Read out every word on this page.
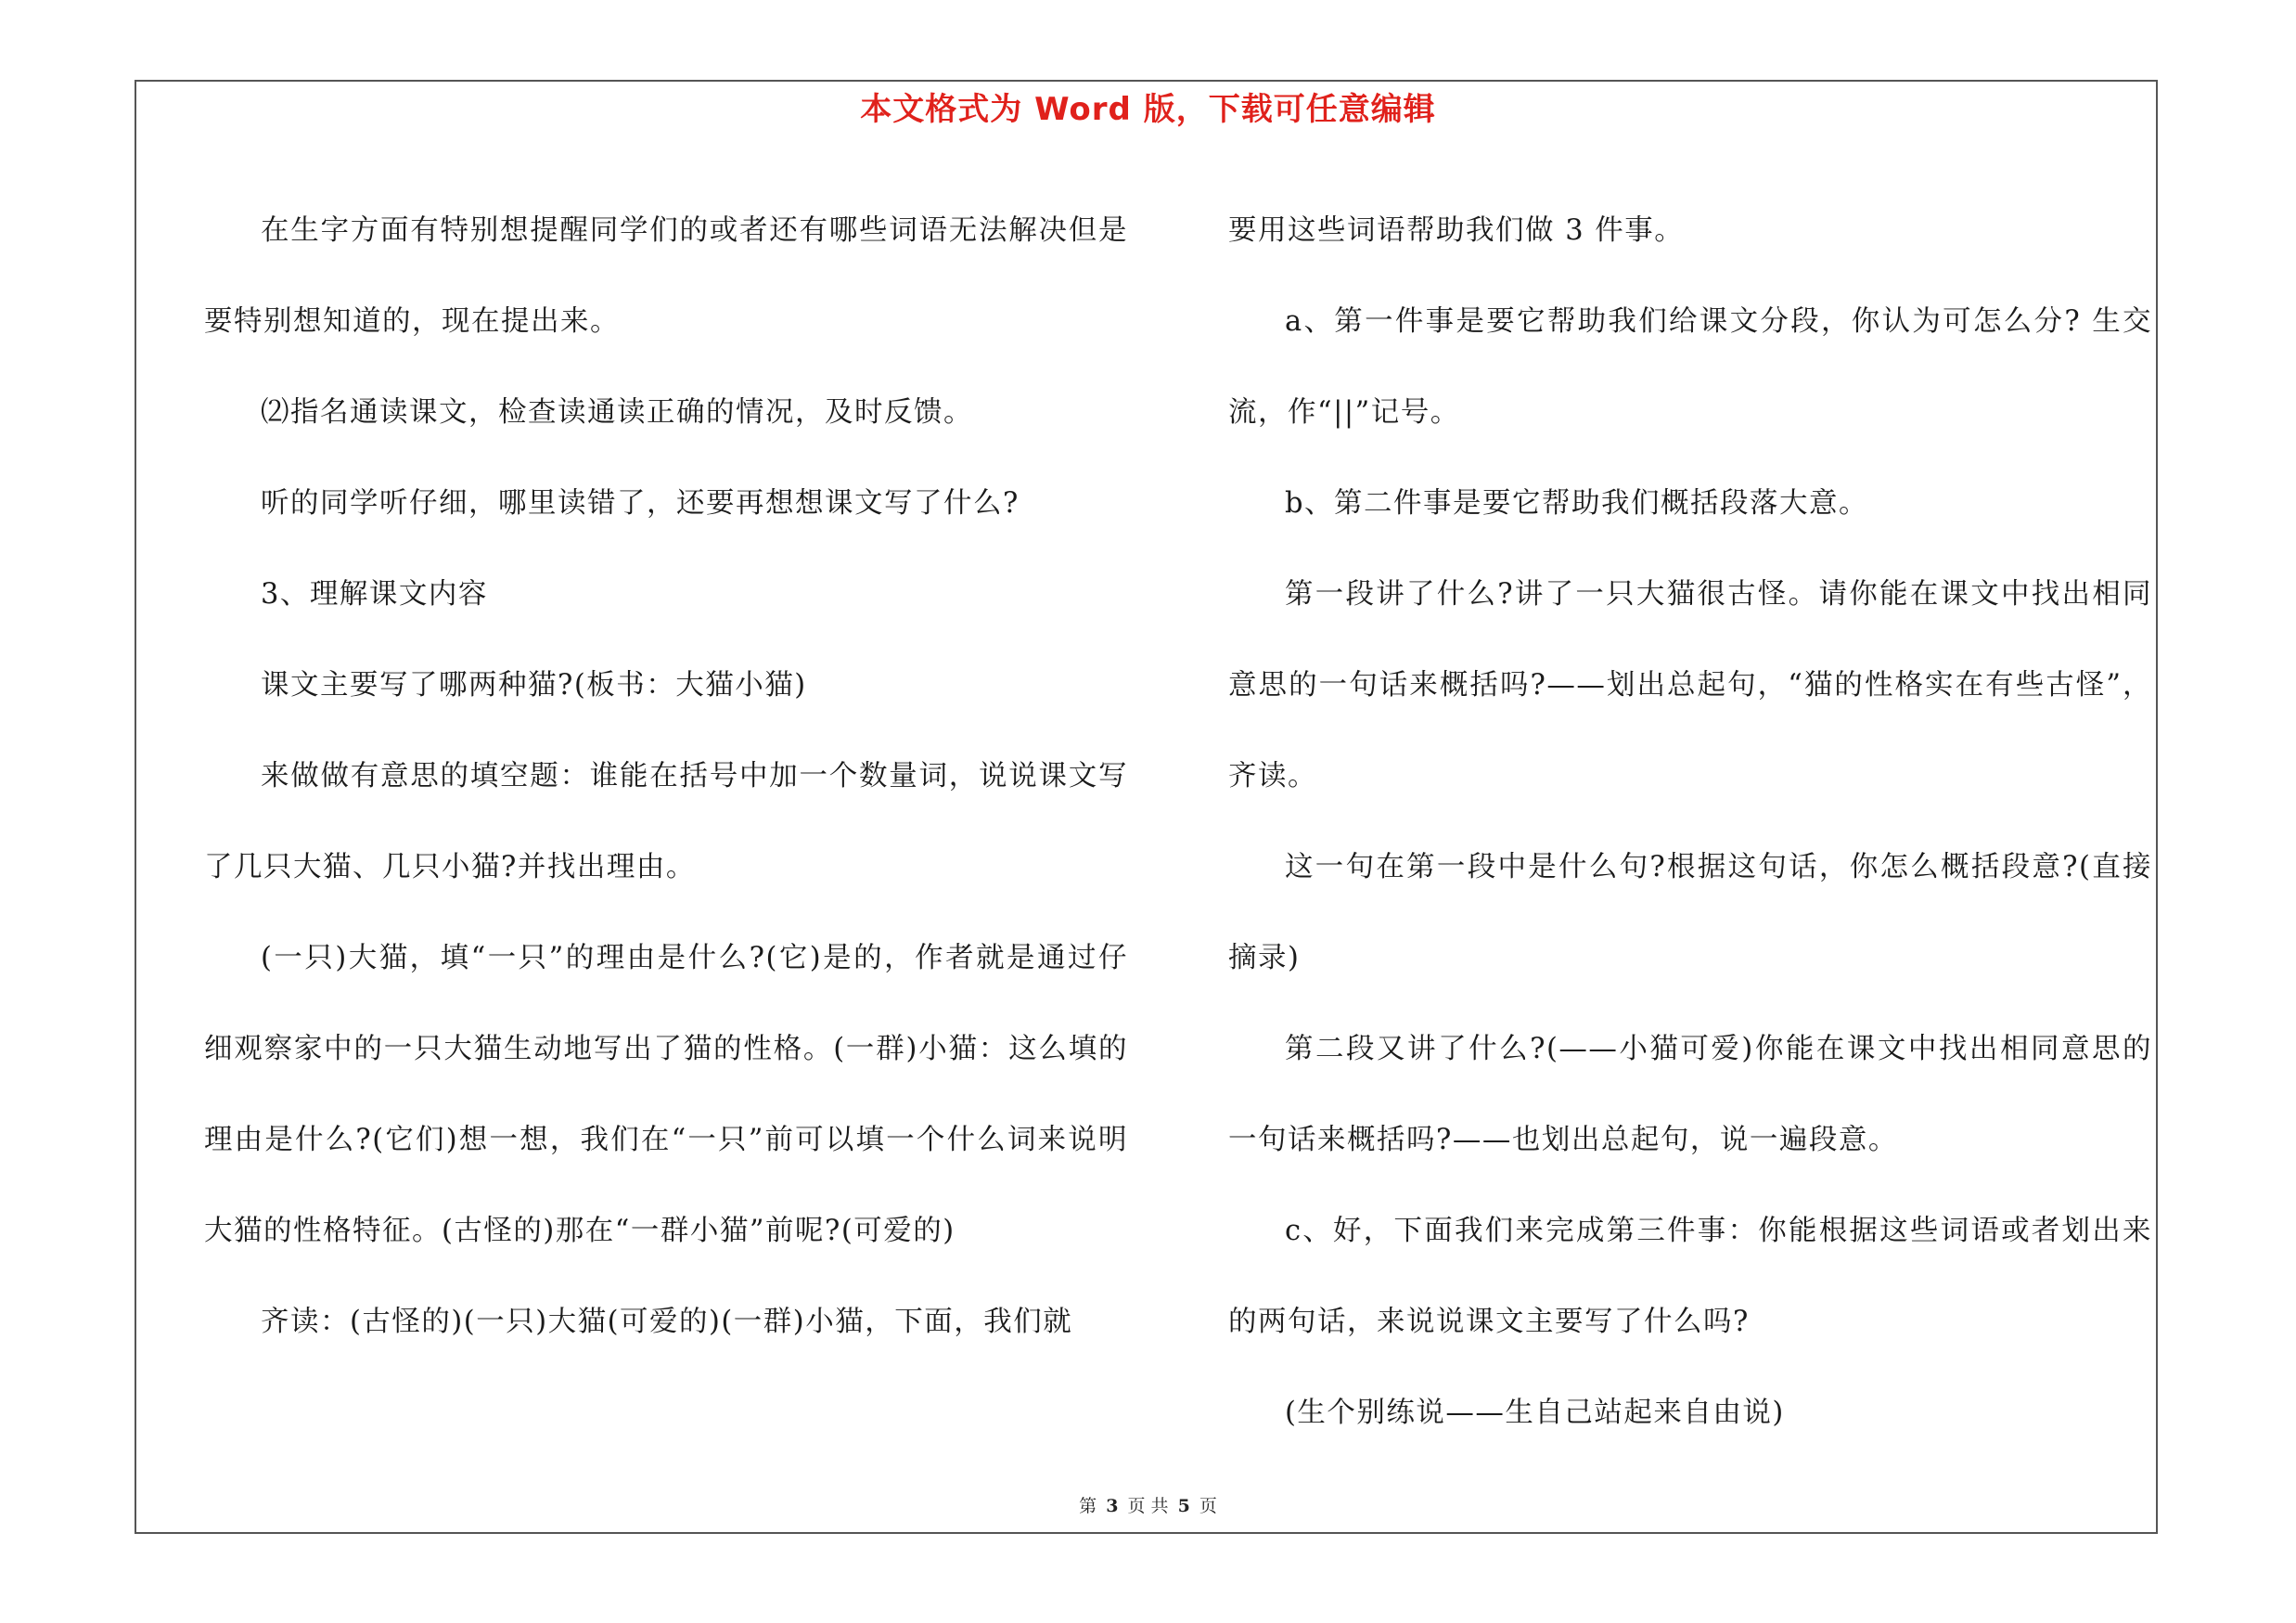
本文格式为 Word 版，下载可任意编辑

在生字方面有特别想提醒同学们的或者还有哪些词语无法解决但是要特别想知道的，现在提出来。

⑵指名通读课文，检查读通读正确的情况，及时反馈。

听的同学听仔细，哪里读错了，还要再想想课文写了什么?

3、理解课文内容

课文主要写了哪两种猫?(板书：大猫小猫)

来做做有意思的填空题：谁能在括号中加一个数量词，说说课文写了几只大猫、几只小猫?并找出理由。

(一只)大猫，填“一只”的理由是什么?(它)是的，作者就是通过仔细观察家中的一只大猫生动地写出了猫的性格。(一群)小猫：这么填的理由是什么?(它们)想一想，我们在“一只”前可以填一个什么词来说明大猫的性格特征。(古怪的)那在“一群小猫”前呢?(可爱的)

齐读：(古怪的)(一只)大猫(可爱的)(一群)小猫，下面，我们就

要用这些词语帮助我们做 3 件事。

a、第一件事是要它帮助我们给课文分段，你认为可怎么分? 生交流，作“||”记号。

b、第二件事是要它帮助我们概括段落大意。

第一段讲了什么?讲了一只大猫很古怪。请你能在课文中找出相同意思的一句话来概括吗?——划出总起句，“猫的性格实在有些古怪”，齐读。

这一句在第一段中是什么句?根据这句话，你怎么概括段意?(直接摘录)

第二段又讲了什么?(——小猫可爱)你能在课文中找出相同意思的一句话来概括吗?——也划出总起句，说一遍段意。

c、好，下面我们来完成第三件事：你能根据这些词语或者划出来的两句话，来说说课文主要写了什么吗?

(生个别练说——生自己站起来自由说)

第 3 页 共 5 页
